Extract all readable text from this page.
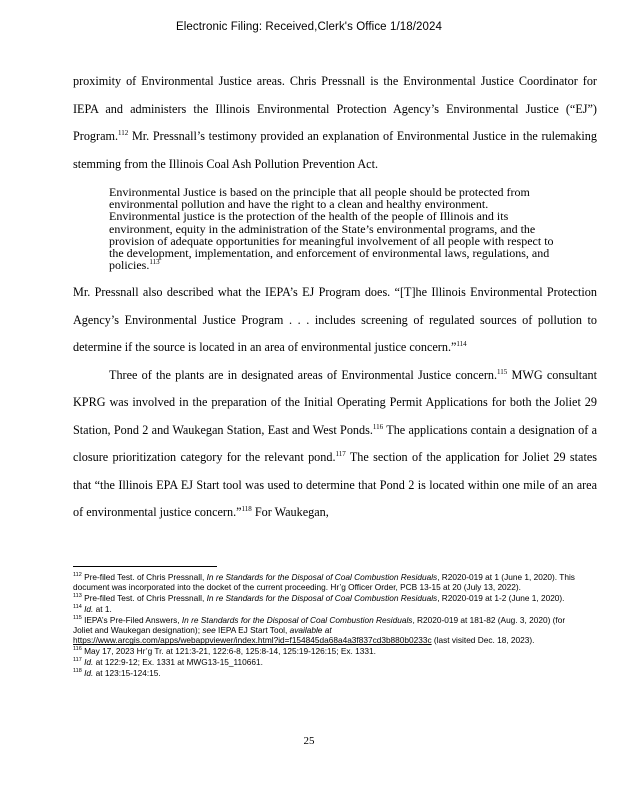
Electronic Filing: Received,Clerk's Office 1/18/2024

proximity of Environmental Justice areas. Chris Pressnall is the Environmental Justice Coordinator for IEPA and administers the Illinois Environmental Protection Agency’s Environmental Justice (“EJ”) Program.$^{112}$ Mr. Pressnall’s testimony provided an explanation of Environmental Justice in the rulemaking stemming from the Illinois Coal Ash Pollution Prevention Act.

Environmental Justice is based on the principle that all people should be protected from environmental pollution and have the right to a clean and healthy environment. Environmental justice is the protection of the health of the people of Illinois and its environment, equity in the administration of the State’s environmental programs, and the provision of adequate opportunities for meaningful involvement of all people with respect to the development, implementation, and enforcement of environmental laws, regulations, and policies.$^{113}$

Mr. Pressnall also described what the IEPA’s EJ Program does. “[T]he Illinois Environmental Protection Agency’s Environmental Justice Program . . . includes screening of regulated sources of pollution to determine if the source is located in an area of environmental justice concern.”$^{114}$

Three of the plants are in designated areas of Environmental Justice concern.$^{115}$ MWG consultant KPRG was involved in the preparation of the Initial Operating Permit Applications for both the Joliet 29 Station, Pond 2 and Waukegan Station, East and West Ponds.$^{116}$ The applications contain a designation of a closure prioritization category for the relevant pond.$^{117}$ The section of the application for Joliet 29 states that “the Illinois EPA EJ Start tool was used to determine that Pond 2 is located within one mile of an area of environmental justice concern.”$^{118}$ For Waukegan,

$^{112}$ Pre-filed Test. of Chris Pressnall, In re Standards for the Disposal of Coal Combustion Residuals, R2020-019 at 1 (June 1, 2020). This document was incorporated into the docket of the current proceeding. Hr’g Officer Order, PCB 13-15 at 20 (July 13, 2022).

$^{113}$ Pre-filed Test. of Chris Pressnall, In re Standards for the Disposal of Coal Combustion Residuals, R2020-019 at 1-2 (June 1, 2020).

$^{114}$ Id. at 1.

$^{115}$ IEPA’s Pre-Filed Answers, In re Standards for the Disposal of Coal Combustion Residuals, R2020-019 at 181-82 (Aug. 3, 2020) (for Joliet and Waukegan designation); see IEPA EJ Start Tool, available at
https://www.arcgis.com/apps/webappviewer/index.html?id=f154845da68a4a3f837cd3b880b0233c (last visited Dec. 18, 2023).

$^{116}$ May 17, 2023 Hr’g Tr. at 121:3-21, 122:6-8, 125:8-14, 125:19-126:15; Ex. 1331.

$^{117}$ Id. at 122:9-12; Ex. 1331 at MWG13-15_110661.

$^{118}$ Id. at 123:15-124:15.

25
